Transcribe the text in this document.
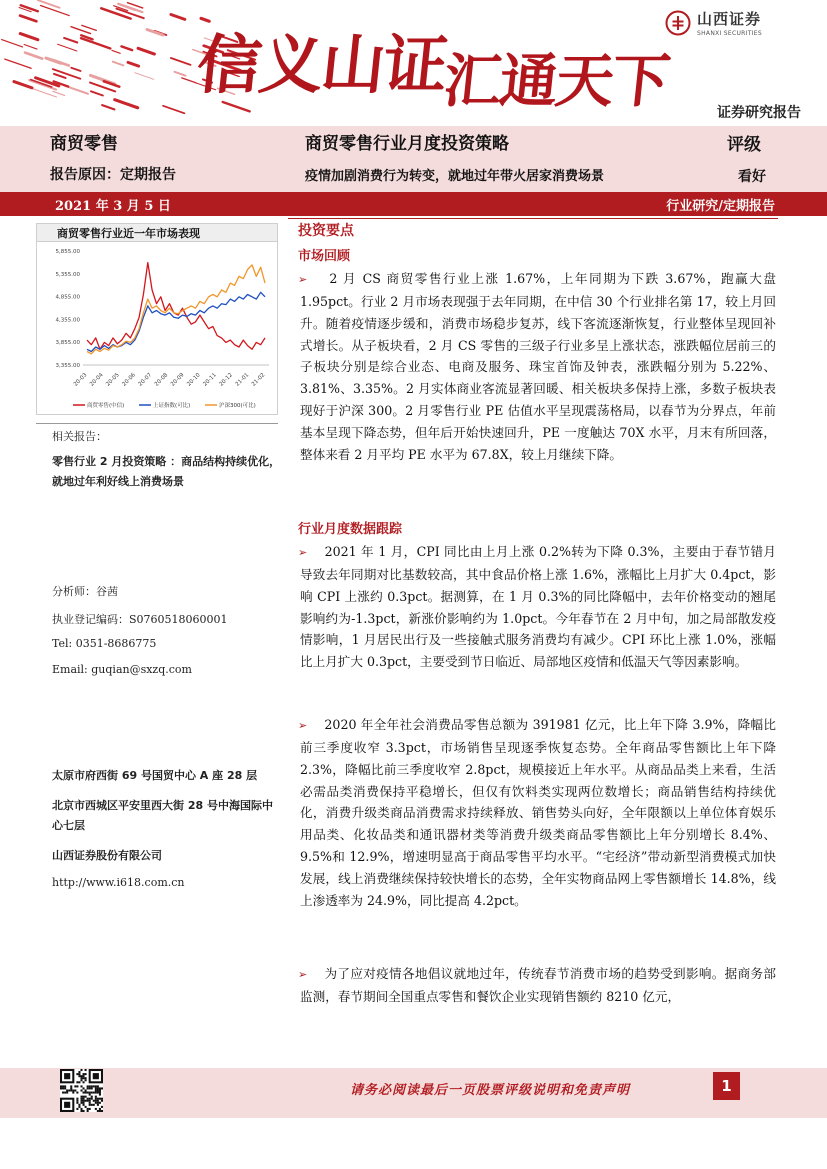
信义山证汇通天下
山西证券
SHANXI SECURITIES
证券研究报告
商贸零售
报告原因：定期报告
商贸零售行业月度投资策略
疫情加剧消费行为转变，就地过年带火居家消费场景
评级
看好
2021 年 3 月 5 日	行业研究/定期报告
商贸零售行业近一年市场表现
5,855.00
5,355.00
4,855.00
4,355.00
3,855.00
3,355.00
20-03 20-04 20-05 20-06 20-07 20-08 20-09 20-10 20-11 20-12 21-01 21-02
商贸零售(中信)	上证指数(可比)	沪深300(可比)
相关报告：
零售行业 2 月投资策略 ：商品结构持续优化，就地过年利好线上消费场景
分析师：谷茜
执业登记编码：S0760518060001
Tel: 0351-8686775
Email: guqian@sxzq.com
太原市府西街 69 号国贸中心 A 座 28 层
北京市西城区平安里西大街 28 号中海国际中心七层
山西证券股份有限公司
http://www.i618.com.cn
投资要点
市场回顾
➢ 2 月 CS 商贸零售行业上涨 1.67%，上年同期为下跌 3.67%，跑赢大盘 1.95pct。行业 2 月市场表现强于去年同期，在中信 30 个行业排名第 17，较上月回升。随着疫情逐步缓和，消费市场稳步复苏，线下客流逐渐恢复，行业整体呈现回补式增长。从子板块看，2 月 CS 零售的三级子行业多呈上涨状态，涨跌幅位居前三的子板块分别是综合业态、电商及服务、珠宝首饰及钟表，涨跌幅分别为 5.22%、3.81%、3.35%。2 月实体商业客流显著回暖、相关板块多保持上涨，多数子板块表现好于沪深 300。2 月零售行业 PE 估值水平呈现震荡格局，以春节为分界点，年前基本呈现下降态势，但年后开始快速回升，PE 一度触达 70X 水平，月末有所回落，整体来看 2 月平均 PE 水平为 67.8X，较上月继续下降。
行业月度数据跟踪
➢ 2021 年 1 月，CPI 同比由上月上涨 0.2%转为下降 0.3%，主要由于春节错月导致去年同期对比基数较高，其中食品价格上涨 1.6%，涨幅比上月扩大 0.4pct，影响 CPI 上涨约 0.3pct。据测算，在 1 月 0.3%的同比降幅中，去年价格变动的翘尾影响约为-1.3pct，新涨价影响约为 1.0pct。今年春节在 2 月中旬，加之局部散发疫情影响，1 月居民出行及一些接触式服务消费均有减少。CPI 环比上涨 1.0%，涨幅比上月扩大 0.3pct，主要受到节日临近、局部地区疫情和低温天气等因素影响。
➢ 2020 年全年社会消费品零售总额为 391981 亿元，比上年下降 3.9%，降幅比前三季度收窄 3.3pct，市场销售呈现逐季恢复态势。全年商品零售额比上年下降 2.3%，降幅比前三季度收窄 2.8pct，规模接近上年水平。从商品品类上来看，生活必需品类消费保持平稳增长，但仅有饮料类实现两位数增长；商品销售结构持续优化，消费升级类商品消费需求持续释放、销售势头向好，全年限额以上单位体育娱乐用品类、化妆品类和通讯器材类等消费升级类商品零售额比上年分别增长 8.4%、9.5%和 12.9%，增速明显高于商品零售平均水平。“宅经济”带动新型消费模式加快发展，线上消费继续保持较快增长的态势，全年实物商品网上零售额增长 14.8%，线上渗透率为 24.9%，同比提高 4.2pct。
➢ 为了应对疫情各地倡议就地过年，传统春节消费市场的趋势受到影响。据商务部监测，春节期间全国重点零售和餐饮企业实现销售额约 8210 亿元，
请务必阅读最后一页股票评级说明和免责声明	1
